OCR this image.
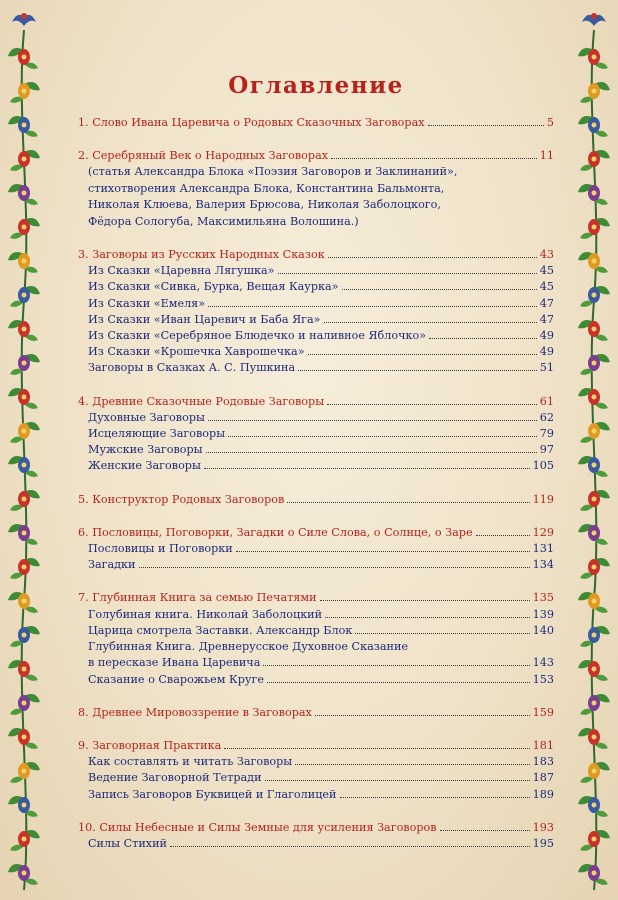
Оглавление
1. Слово Ивана Царевича о Родовых Сказочных Заговорах	5
2. Серебряный Век о Народных Заговорах	11
(статья Александра Блока «Поэзия Заговоров и Заклинаний»,
стихотворения Александра Блока, Константина Бальмонта,
Николая Клюева, Валерия Брюсова, Николая Заболоцкого,
Фёдора Сологуба, Максимильяна Волошина.)
3. Заговоры из Русских Народных Сказок	43
Из Сказки «Царевна Лягушка»	45
Из Сказки «Сивка, Бурка, Вещая Каурка»	45
Из Сказки «Емеля»	47
Из Сказки «Иван Царевич и Баба Яга»	47
Из Сказки «Серебряное Блюдечко и наливное Яблочко»	49
Из Сказки «Крошечка Хаврошечка»	49
Заговоры в Сказках А. С. Пушкина	51
4. Древние Сказочные Родовые Заговоры	61
Духовные Заговоры	62
Исцеляющие Заговоры	79
Мужские Заговоры	97
Женские Заговоры	105
5. Конструктор Родовых Заговоров	119
6. Пословицы, Поговорки, Загадки о Силе Слова, о Солнце, о Заре	129
Пословицы и Поговорки	131
Загадки	134
7. Глубинная Книга за семью Печатями	135
Голубиная книга. Николай Заболоцкий	139
Царица смотрела Заставки. Александр Блок	140
Глубинная Книга. Древнерусское Духовное Сказание
в пересказе Ивана Царевича	143
Сказание о Сварожьем Круге	153
8. Древнее Мировоззрение в Заговорах	159
9. Заговорная Практика	181
Как составлять и читать Заговоры	183
Ведение Заговорной Тетради	187
Запись Заговоров Буквицей и Глаголицей	189
10. Силы Небесные и Силы Земные для усиления Заговоров	193
Силы Стихий	195
